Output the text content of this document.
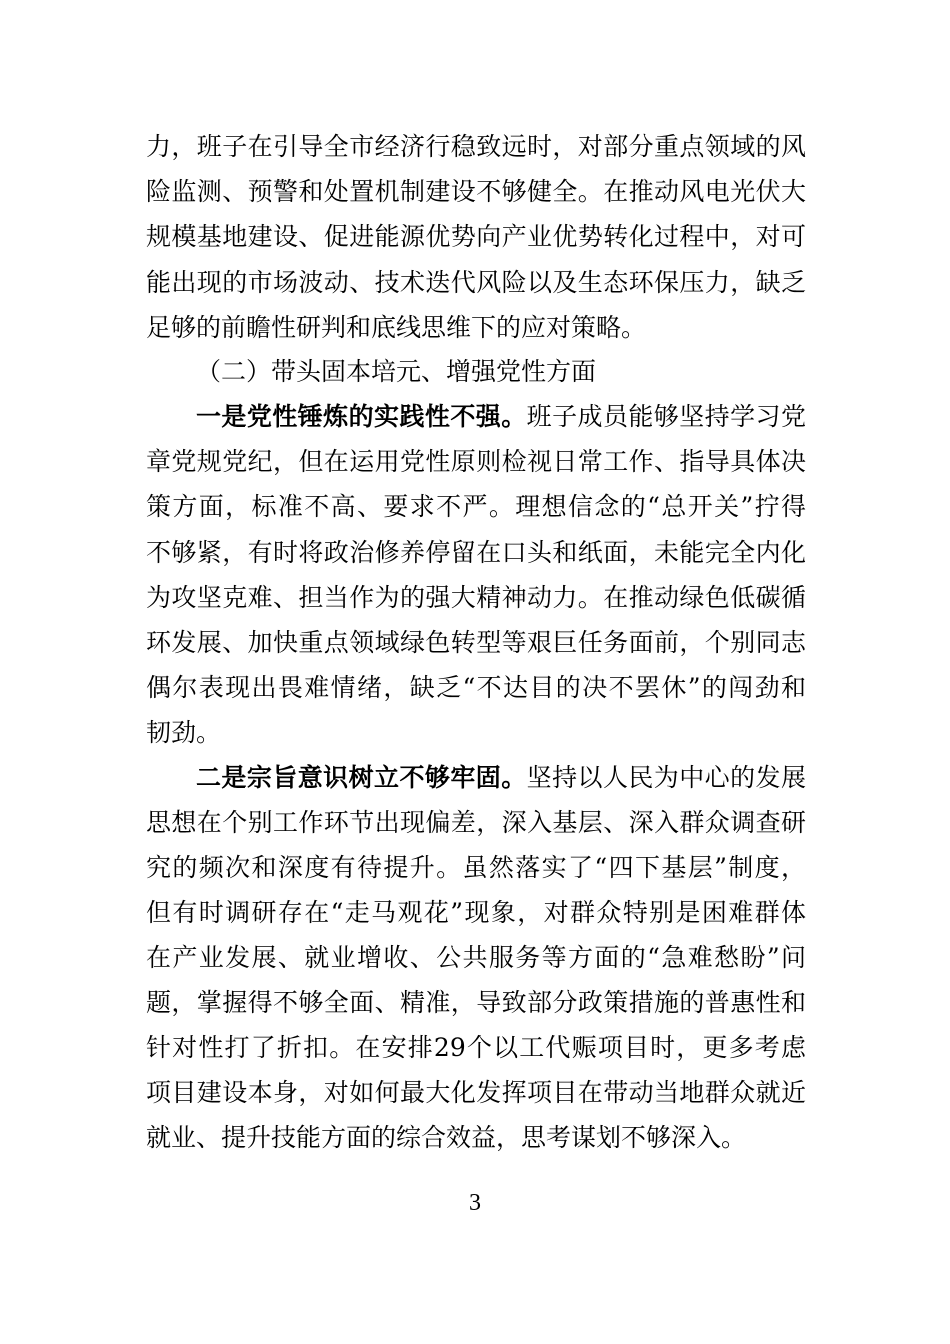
力，班子在引导全市经济行稳致远时，对部分重点领域的风
险监测、预警和处置机制建设不够健全。在推动风电光伏大
规模基地建设、促进能源优势向产业优势转化过程中，对可
能出现的市场波动、技术迭代风险以及生态环保压力，缺乏
足够的前瞻性研判和底线思维下的应对策略。
（二）带头固本培元、增强党性方面
一是党性锤炼的实践性不强。班子成员能够坚持学习党
章党规党纪，但在运用党性原则检视日常工作、指导具体决
策方面，标准不高、要求不严。理想信念的“总开关”拧得
不够紧，有时将政治修养停留在口头和纸面，未能完全内化
为攻坚克难、担当作为的强大精神动力。在推动绿色低碳循
环发展、加快重点领域绿色转型等艰巨任务面前，个别同志
偶尔表现出畏难情绪，缺乏“不达目的决不罢休”的闯劲和
韧劲。
二是宗旨意识树立不够牢固。坚持以人民为中心的发展
思想在个别工作环节出现偏差，深入基层、深入群众调查研
究的频次和深度有待提升。虽然落实了“四下基层”制度，
但有时调研存在“走马观花”现象，对群众特别是困难群体
在产业发展、就业增收、公共服务等方面的“急难愁盼”问
题，掌握得不够全面、精准，导致部分政策措施的普惠性和
针对性打了折扣。在安排29个以工代赈项目时，更多考虑
项目建设本身，对如何最大化发挥项目在带动当地群众就近
就业、提升技能方面的综合效益，思考谋划不够深入。
3
